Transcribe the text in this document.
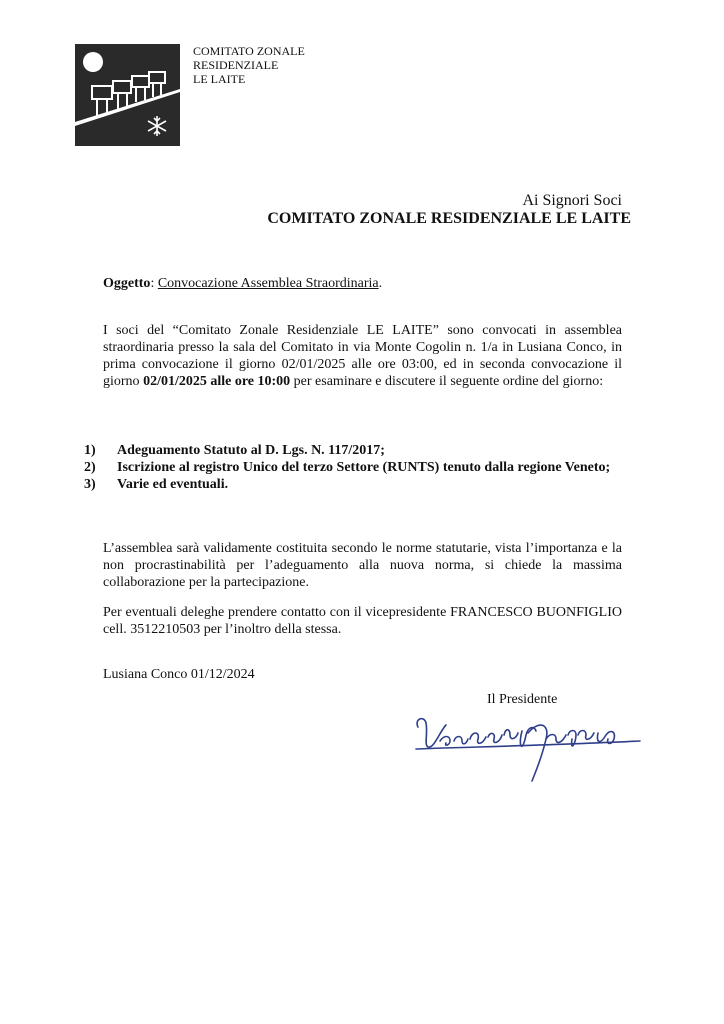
COMITATO ZONALE
RESIDENZIALE
LE LAITE
Ai Signori Soci
COMITATO ZONALE RESIDENZIALE LE LAITE
Oggetto: Convocazione Assemblea Straordinaria.
I soci del “Comitato Zonale Residenziale LE LAITE” sono convocati in assemblea straordinaria presso la sala del Comitato in via Monte Cogolin n. 1/a in Lusiana Conco, in prima convocazione il giorno 02/01/2025 alle ore 03:00, ed in seconda convocazione il giorno 02/01/2025 alle ore 10:00 per esaminare e discutere il seguente ordine del giorno:
1)	Adeguamento Statuto al D. Lgs. N. 117/2017;
2)	Iscrizione al registro Unico del terzo Settore (RUNTS) tenuto dalla regione Veneto;
3)	Varie ed eventuali.
L’assemblea sarà validamente costituita secondo le norme statutarie, vista l’importanza e la non procrastinabilità per l’adeguamento alla nuova norma, si chiede la massima collaborazione per la partecipazione.
Per eventuali deleghe prendere contatto con il vicepresidente FRANCESCO BUONFIGLIO cell. 3512210503 per l’inoltro della stessa.
Lusiana Conco 01/12/2024
Il Presidente
